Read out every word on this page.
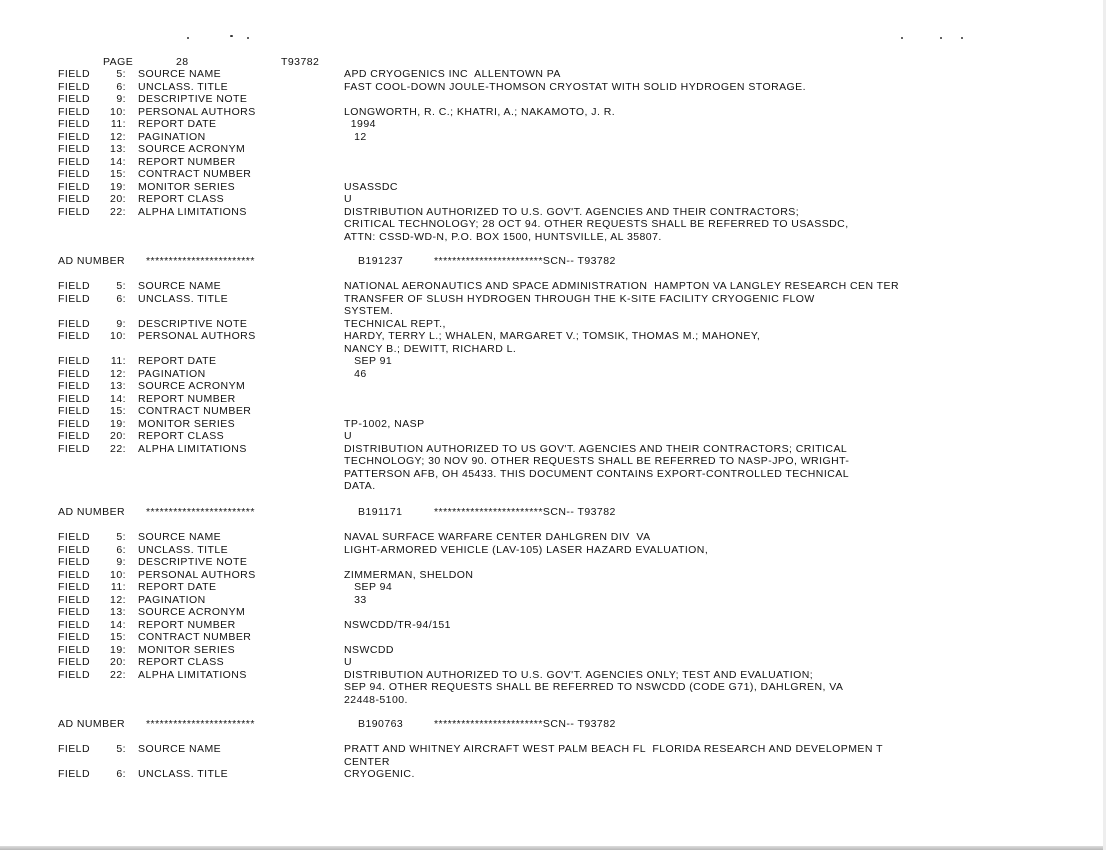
PAGE	28	T93782
FIELD	5: SOURCE NAME	APD CRYOGENICS INC  ALLENTOWN PA
FIELD	6: UNCLASS. TITLE	FAST COOL-DOWN JOULE-THOMSON CRYOSTAT WITH SOLID HYDROGEN STORAGE.
FIELD	9: DESCRIPTIVE NOTE
FIELD	10: PERSONAL AUTHORS	LONGWORTH, R. C.; KHATRI, A.; NAKAMOTO, J. R.
FIELD	11: REPORT DATE	1994
FIELD	12: PAGINATION	12
FIELD	13: SOURCE ACRONYM
FIELD	14: REPORT NUMBER
FIELD	15: CONTRACT NUMBER
FIELD	19: MONITOR SERIES	USASSDC
FIELD	20: REPORT CLASS	U
FIELD	22: ALPHA LIMITATIONS	DISTRIBUTION AUTHORIZED TO U.S. GOV'T. AGENCIES AND THEIR CONTRACTORS;
CRITICAL TECHNOLOGY; 28 OCT 94. OTHER REQUESTS SHALL BE REFERRED TO USASSDC,
ATTN: CSSD-WD-N, P.O. BOX 1500, HUNTSVILLE, AL 35807.
AD NUMBER ************************	B191237	************************SCN-- T93782
FIELD	5: SOURCE NAME	NATIONAL AERONAUTICS AND SPACE ADMINISTRATION  HAMPTON VA LANGLEY RESEARCH CEN TER
FIELD	6: UNCLASS. TITLE	TRANSFER OF SLUSH HYDROGEN THROUGH THE K-SITE FACILITY CRYOGENIC FLOW
SYSTEM.
FIELD	9: DESCRIPTIVE NOTE	TECHNICAL REPT.,
FIELD	10: PERSONAL AUTHORS	HARDY, TERRY L.; WHALEN, MARGARET V.; TOMSIK, THOMAS M.; MAHONEY,
NANCY B.; DEWITT, RICHARD L.
FIELD	11: REPORT DATE	SEP 91
FIELD	12: PAGINATION	46
FIELD	13: SOURCE ACRONYM
FIELD	14: REPORT NUMBER
FIELD	15: CONTRACT NUMBER
FIELD	19: MONITOR SERIES	TP-1002, NASP
FIELD	20: REPORT CLASS	U
FIELD	22: ALPHA LIMITATIONS	DISTRIBUTION AUTHORIZED TO US GOV'T. AGENCIES AND THEIR CONTRACTORS; CRITICAL
TECHNOLOGY; 30 NOV 90. OTHER REQUESTS SHALL BE REFERRED TO NASP-JPO, WRIGHT-
PATTERSON AFB, OH 45433. THIS DOCUMENT CONTAINS EXPORT-CONTROLLED TECHNICAL
DATA.
AD NUMBER ************************	B191171	************************SCN-- T93782
FIELD	5: SOURCE NAME	NAVAL SURFACE WARFARE CENTER DAHLGREN DIV  VA
FIELD	6: UNCLASS. TITLE	LIGHT-ARMORED VEHICLE (LAV-105) LASER HAZARD EVALUATION,
FIELD	9: DESCRIPTIVE NOTE
FIELD	10: PERSONAL AUTHORS	ZIMMERMAN, SHELDON
FIELD	11: REPORT DATE	SEP 94
FIELD	12: PAGINATION	33
FIELD	13: SOURCE ACRONYM
FIELD	14: REPORT NUMBER	NSWCDD/TR-94/151
FIELD	15: CONTRACT NUMBER
FIELD	19: MONITOR SERIES	NSWCDD
FIELD	20: REPORT CLASS	U
FIELD	22: ALPHA LIMITATIONS	DISTRIBUTION AUTHORIZED TO U.S. GOV'T. AGENCIES ONLY; TEST AND EVALUATION;
SEP 94. OTHER REQUESTS SHALL BE REFERRED TO NSWCDD (CODE G71), DAHLGREN, VA
22448-5100.
AD NUMBER ************************	B190763	************************SCN-- T93782
FIELD	5: SOURCE NAME	PRATT AND WHITNEY AIRCRAFT WEST PALM BEACH FL  FLORIDA RESEARCH AND DEVELOPMEN T
CENTER
FIELD	6: UNCLASS. TITLE	CRYOGENIC.
